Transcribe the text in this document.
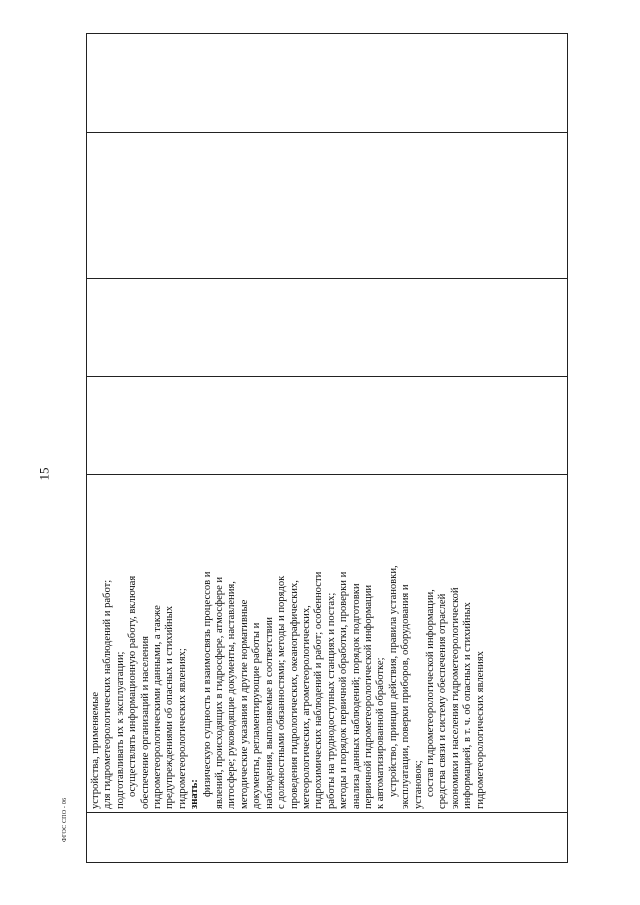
15
ФГОС СПО - 06

устройства, применяемые для гидрометеорологических наблюдений и работ; подготавливать их к эксплуатации; осуществлять информационную работу, включая обеспечение организаций и населения гидрометеорологическими данными, а также предупреждениями об опасных и стихийных гидрометеорологических явлениях; знать: физическую сущность и взаимосвязь процессов и явлений, происходящих в гидросфере, атмосфере и литосфере; руководящие документы, наставления, методические указания и другие нормативные документы, регламентирующие работы и наблюдения, выполняемые в соответствии с должностными обязанностями; методы и порядок проведения гидрологических, океанографических, метеорологических, агрометеорологических, гидрохимических наблюдений и работ; особенности работы на труднодоступных станциях и постах; методы и порядок первичной обработки, проверки и анализа данных наблюдений; порядок подготовки первичной гидрометеорологической информации к автоматизированной обработке; устройство, принцип действия, правила установки, эксплуатации, поверки приборов, оборудования и установок; состав гидрометеорологической информации, средства связи и систему обеспечения отраслей экономики и населения гидрометеорологической информацией, в т. ч. об опасных и стихийных гидрометеорологических явлениях
